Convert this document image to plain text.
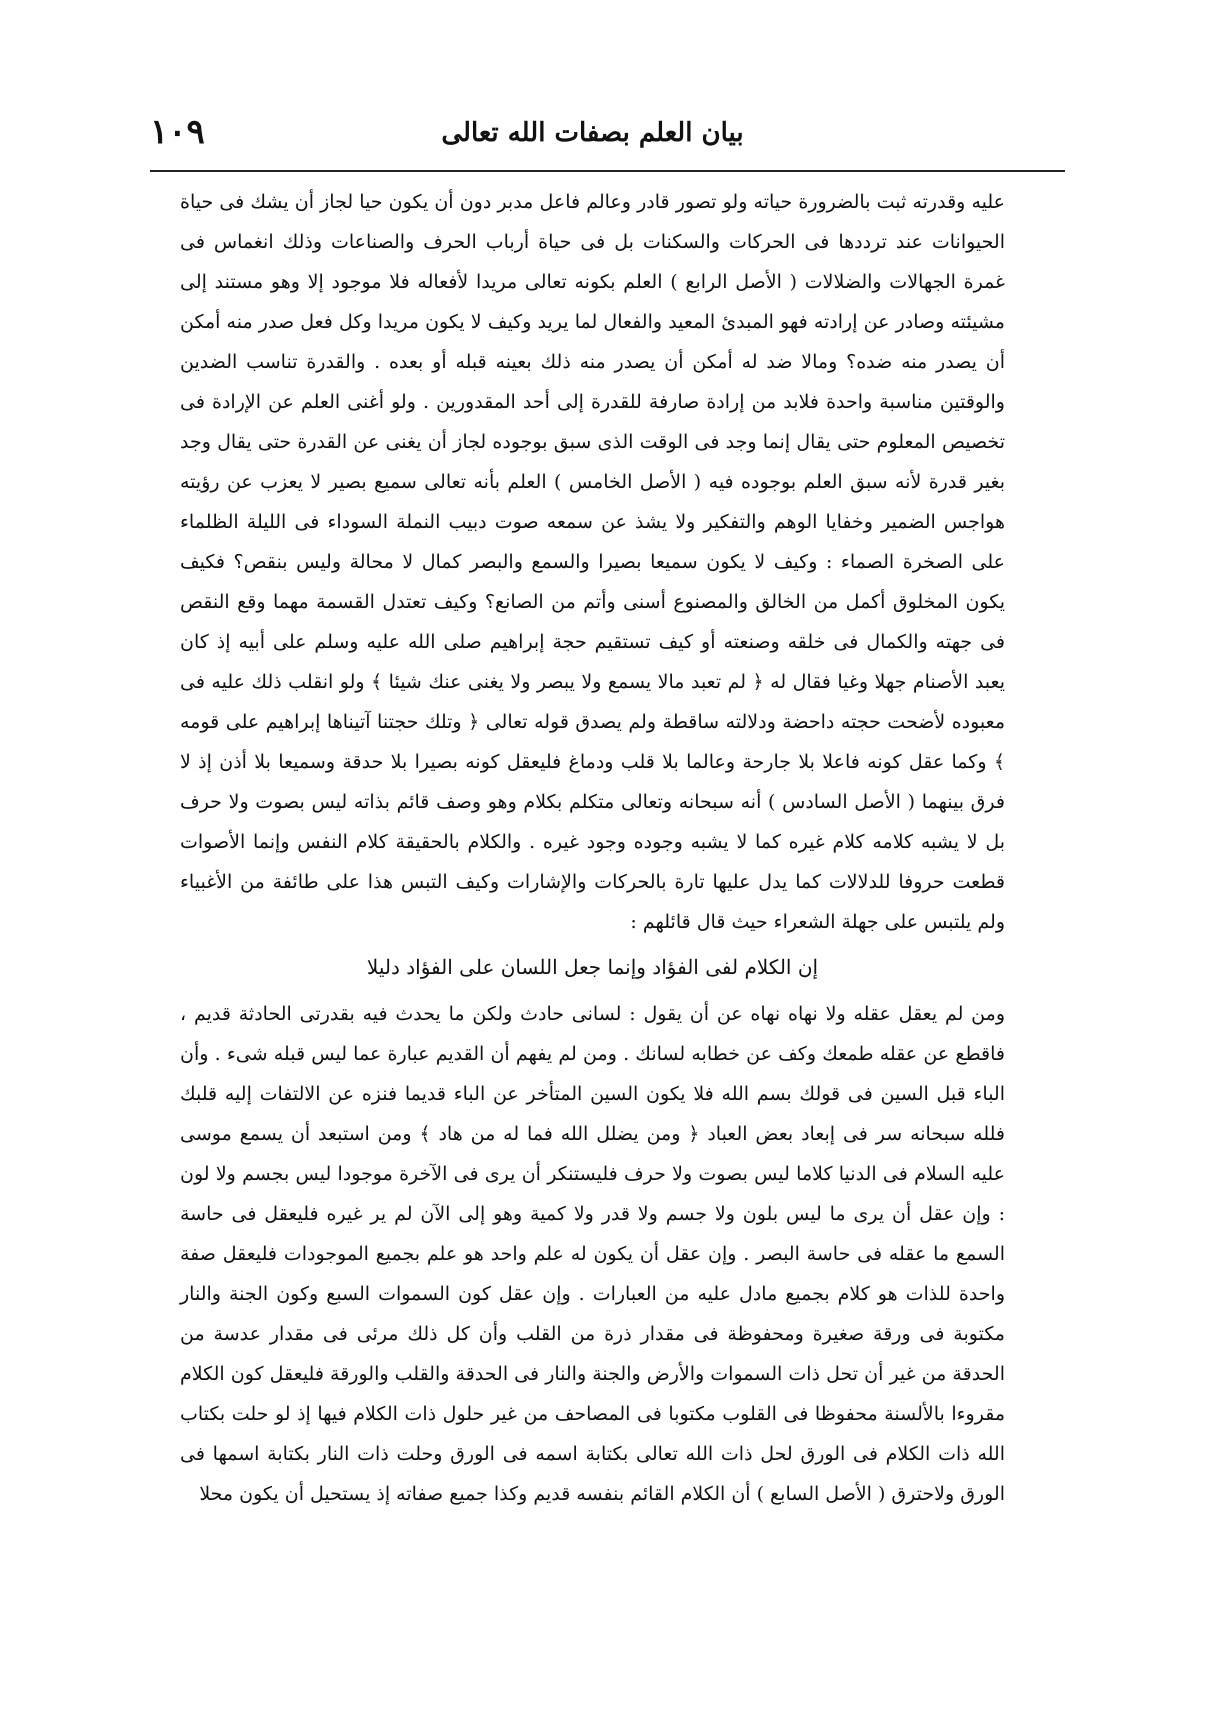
بيان العلم بصفات الله تعالى
١٠٩

عليه وقدرته ثبت بالضرورة حياته ولو تصور قادر وعالم فاعل مدبر دون أن يكون حيا لجاز أن يشك فى حياة الحيوانات عند ترددها فى الحركات والسكنات بل فى حياة أرباب الحرف والصناعات وذلك انغماس فى غمرة الجهالات والضلالات ( الأصل الرابع ) العلم بكونه تعالى مريدا لأفعاله فلا موجود إلا وهو مستند إلى مشيئته وصادر عن إرادته فهو المبدئ المعيد والفعال لما يريد وكيف لا يكون مريدا وكل فعل صدر منه أمكن أن يصدر منه ضده؟ ومالا ضد له أمكن أن يصدر منه ذلك بعينه قبله أو بعده . والقدرة تناسب الضدين والوقتين مناسبة واحدة فلابد من إرادة صارفة للقدرة إلى أحد المقدورين . ولو أغنى العلم عن الإرادة فى تخصيص المعلوم حتى يقال إنما وجد فى الوقت الذى سبق بوجوده لجاز أن يغنى عن القدرة حتى يقال وجد بغير قدرة لأنه سبق العلم بوجوده فيه ( الأصل الخامس ) العلم بأنه تعالى سميع بصير لا يعزب عن رؤيته هواجس الضمير وخفايا الوهم والتفكير ولا يشذ عن سمعه صوت دبيب النملة السوداء فى الليلة الظلماء على الصخرة الصماء : وكيف لا يكون سميعا بصيرا والسمع والبصر كمال لا محالة وليس بنقص؟ فكيف يكون المخلوق أكمل من الخالق والمصنوع أسنى وأتم من الصانع؟ وكيف تعتدل القسمة مهما وقع النقص فى جهته والكمال فى خلقه وصنعته أو كيف تستقيم حجة إبراهيم صلى الله عليه وسلم على أبيه إذ كان يعبد الأصنام جهلا وغيا فقال له ﴿ لم تعبد مالا يسمع ولا يبصر ولا يغنى عنك شيئا ﴾ ولو انقلب ذلك عليه فى معبوده لأضحت حجته داحضة ودلالته ساقطة ولم يصدق قوله تعالى ﴿ وتلك حجتنا آتيناها إبراهيم على قومه ﴾ وكما عقل كونه فاعلا بلا جارحة وعالما بلا قلب ودماغ فليعقل كونه بصيرا بلا حدقة وسميعا بلا أذن إذ لا فرق بينهما ( الأصل السادس ) أنه سبحانه وتعالى متكلم بكلام وهو وصف قائم بذاته ليس بصوت ولا حرف بل لا يشبه كلامه كلام غيره كما لا يشبه وجوده وجود غيره . والكلام بالحقيقة كلام النفس وإنما الأصوات قطعت حروفا للدلالات كما يدل عليها تارة بالحركات والإشارات وكيف التبس هذا على طائفة من الأغبياء ولم يلتبس على جهلة الشعراء حيث قال قائلهم :

إن الكلام لفى الفؤاد وإنما جعل اللسان على الفؤاد دليلا

ومن لم يعقل عقله ولا نهاه نهاه عن أن يقول : لسانى حادث ولكن ما يحدث فيه بقدرتى الحادثة قديم ، فاقطع عن عقله طمعك وكف عن خطابه لسانك . ومن لم يفهم أن القديم عبارة عما ليس قبله شىء . وأن الباء قبل السين فى قولك بسم الله فلا يكون السين المتأخر عن الباء قديما فنزه عن الالتفات إليه قلبك فلله سبحانه سر فى إبعاد بعض العباد ﴿ ومن يضلل الله فما له من هاد ﴾ ومن استبعد أن يسمع موسى عليه السلام فى الدنيا كلاما ليس بصوت ولا حرف فليستنكر أن يرى فى الآخرة موجودا ليس بجسم ولا لون : وإن عقل أن يرى ما ليس بلون ولا جسم ولا قدر ولا كمية وهو إلى الآن لم ير غيره فليعقل فى حاسة السمع ما عقله فى حاسة البصر . وإن عقل أن يكون له علم واحد هو علم بجميع الموجودات فليعقل صفة واحدة للذات هو كلام بجميع مادل عليه من العبارات . وإن عقل كون السموات السبع وكون الجنة والنار مكتوبة فى ورقة صغيرة ومحفوظة فى مقدار ذرة من القلب وأن كل ذلك مرئى فى مقدار عدسة من الحدقة من غير أن تحل ذات السموات والأرض والجنة والنار فى الحدقة والقلب والورقة فليعقل كون الكلام مقروءا بالألسنة محفوظا فى القلوب مكتوبا فى المصاحف من غير حلول ذات الكلام فيها إذ لو حلت بكتاب الله ذات الكلام فى الورق لحل ذات الله تعالى بكتابة اسمه فى الورق وحلت ذات النار بكتابة اسمها فى الورق ولاحترق ( الأصل السابع ) أن الكلام القائم بنفسه قديم وكذا جميع صفاته إذ يستحيل أن يكون محلا
